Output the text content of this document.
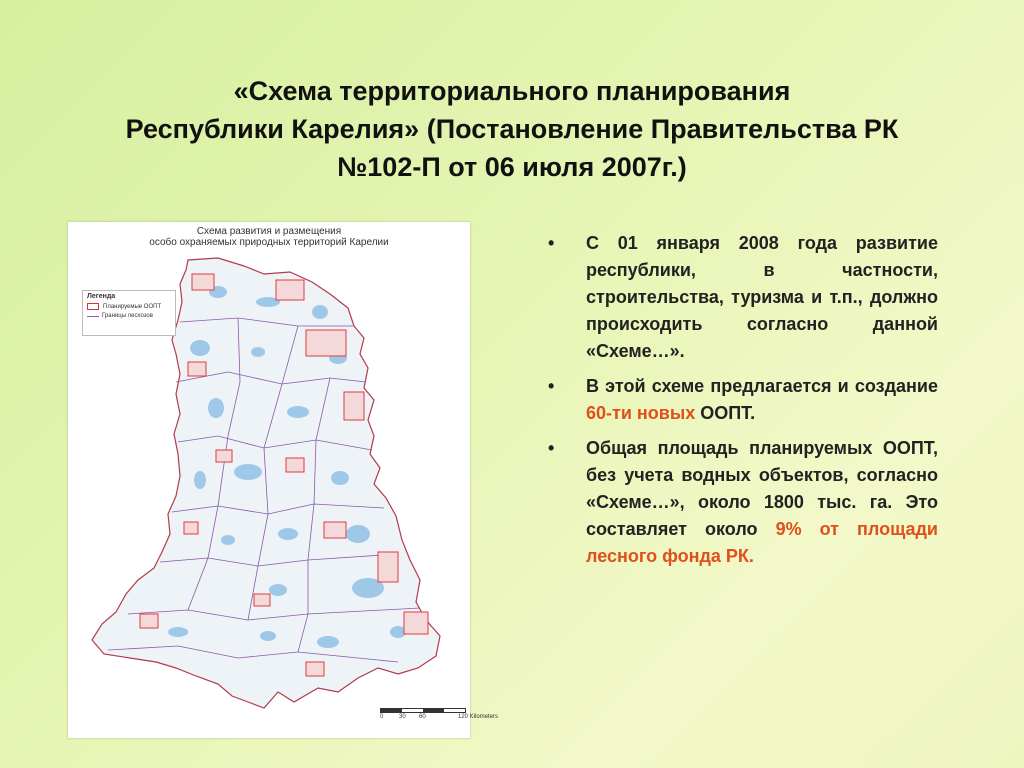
«Схема территориального планирования
Республики Карелия» (Постановление Правительства РК
№102-П от 06 июля 2007г.)
Схема развития и размещения
особо охраняемых природных территорий Карелии
Легенда
Планируемые ООПТ
Границы лесхозов
0	30 60	120 Kilometers
• С 01 января 2008 года развитие республики, в частности, строительства, туризма и т.п., должно происходить согласно данной «Схеме…».
• В этой схеме предлагается и создание 60-ти новых ООПТ.
• Общая площадь планируемых ООПТ, без учета водных объектов, согласно «Схеме…», около 1800 тыс. га. Это составляет около 9% от площади лесного фонда РК.
